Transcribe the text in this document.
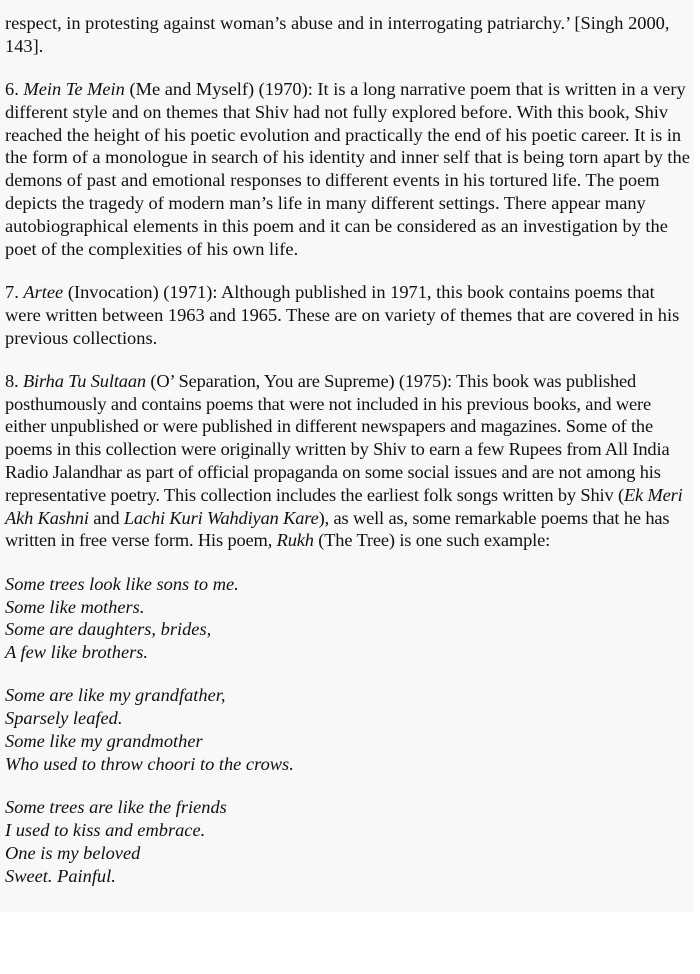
respect, in protesting against woman’s abuse and in interrogating patriarchy.’ [Singh 2000, 143].

6. Mein Te Mein (Me and Myself) (1970): It is a long narrative poem that is written in a very different style and on themes that Shiv had not fully explored before. With this book, Shiv reached the height of his poetic evolution and practically the end of his poetic career. It is in the form of a monologue in search of his identity and inner self that is being torn apart by the demons of past and emotional responses to different events in his tortured life. The poem depicts the tragedy of modern man’s life in many different settings. There appear many autobiographical elements in this poem and it can be considered as an investigation by the poet of the complexities of his own life.

7. Artee (Invocation) (1971): Although published in 1971, this book contains poems that were written between 1963 and 1965. These are on variety of themes that are covered in his previous collections.

8. Birha Tu Sultaan (O’ Separation, You are Supreme) (1975): This book was published posthumously and contains poems that were not included in his previous books, and were either unpublished or were published in different newspapers and magazines. Some of the poems in this collection were originally written by Shiv to earn a few Rupees from All India Radio Jalandhar as part of official propaganda on some social issues and are not among his representative poetry. This collection includes the earliest folk songs written by Shiv (Ek Meri Akh Kashni and Lachi Kuri Wahdiyan Kare), as well as, some remarkable poems that he has written in free verse form. His poem, Rukh (The Tree) is one such example:

Some trees look like sons to me.
Some like mothers.
Some are daughters, brides,
A few like brothers.
Some are like my grandfather,
Sparsely leafed.
Some like my grandmother
Who used to throw choori to the crows.
Some trees are like the friends
I used to kiss and embrace.
One is my beloved
Sweet. Painful.
